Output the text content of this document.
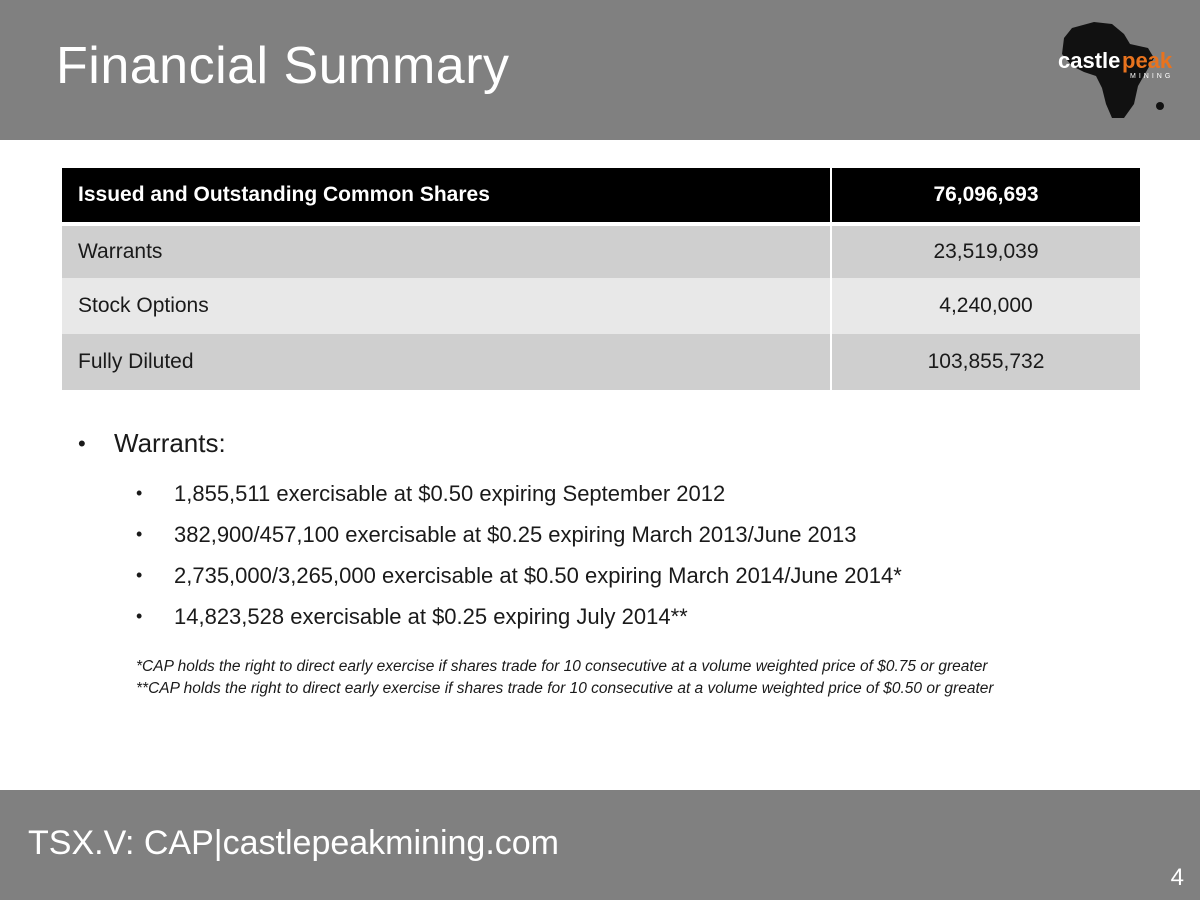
Financial Summary	castle peak
MINING
Issued and Outstanding Common Shares	76,096,693
Warrants	23,519,039
Stock Options	4,240,000
Fully Diluted	103,855,732
•	Warrants:
•	1,855,511 exercisable at $0.50 expiring September 2012
•	382,900/457,100 exercisable at $0.25 expiring March 2013/June 2013
•	2,735,000/3,265,000 exercisable at $0.50 expiring March 2014/June 2014*
•	14,823,528 exercisable at $0.25 expiring July 2014**
*CAP holds the right to direct early exercise if shares trade for 10 consecutive at a volume weighted price of $0.75 or greater
**CAP holds the right to direct early exercise if shares trade for 10 consecutive at a volume weighted price of $0.50 or greater
TSX.V: CAP|castlepeakmining.com
4
